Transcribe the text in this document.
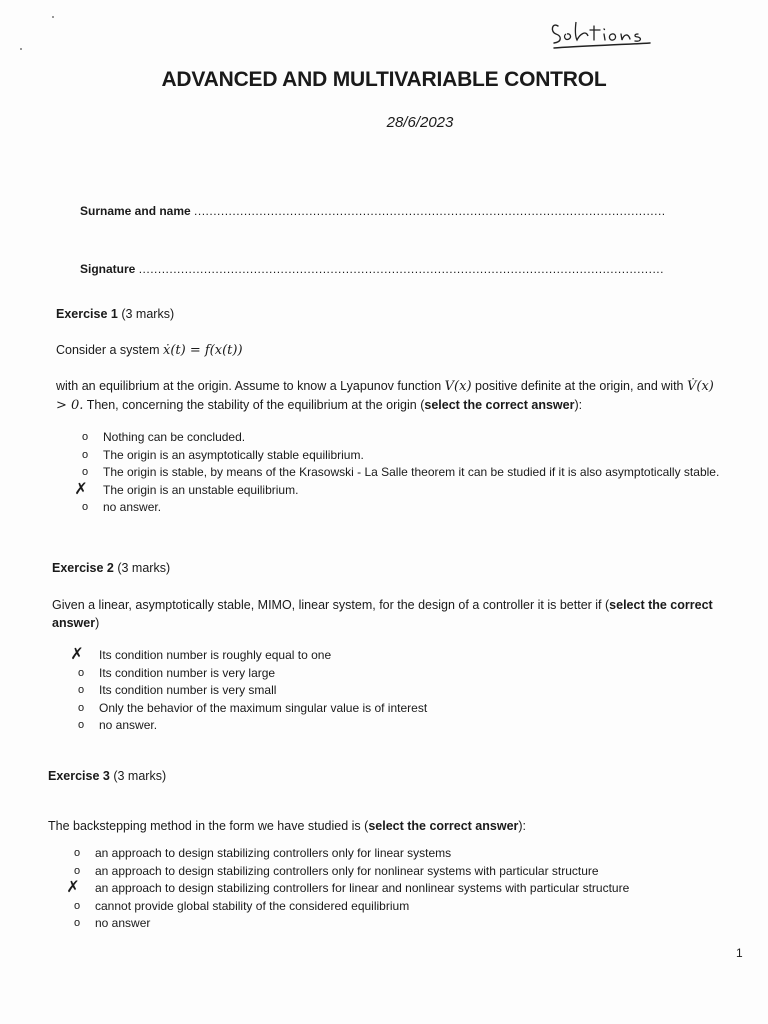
ADVANCED AND MULTIVARIABLE CONTROL
28/6/2023
Surname and name ...........................................................................................................................
Signature .........................................................................................................................................
Exercise 1 (3 marks)
Consider a system ẋ(t) = f(x(t))
with an equilibrium at the origin. Assume to know a Lyapunov function V(x) positive definite at the origin, and with V̇(x) > 0. Then, concerning the stability of the equilibrium at the origin (select the correct answer):
o	Nothing can be concluded.
o	The origin is an asymptotically stable equilibrium.
o	The origin is stable, by means of the Krasowski - La Salle theorem it can be studied if it is also asymptotically stable.
✗ The origin is an unstable equilibrium.
o	no answer.
Exercise 2 (3 marks)
Given a linear, asymptotically stable, MIMO, linear system, for the design of a controller it is better if (select the correct answer)
✗ Its condition number is roughly equal to one
o	Its condition number is very large
o	Its condition number is very small
o	Only the behavior of the maximum singular value is of interest
o	no answer.
Exercise 3 (3 marks)
The backstepping method in the form we have studied is (select the correct answer):
o	an approach to design stabilizing controllers only for linear systems
o	an approach to design stabilizing controllers only for nonlinear systems with particular structure
✗ an approach to design stabilizing controllers for linear and nonlinear systems with particular structure
o	cannot provide global stability of the considered equilibrium
o	no answer
1
